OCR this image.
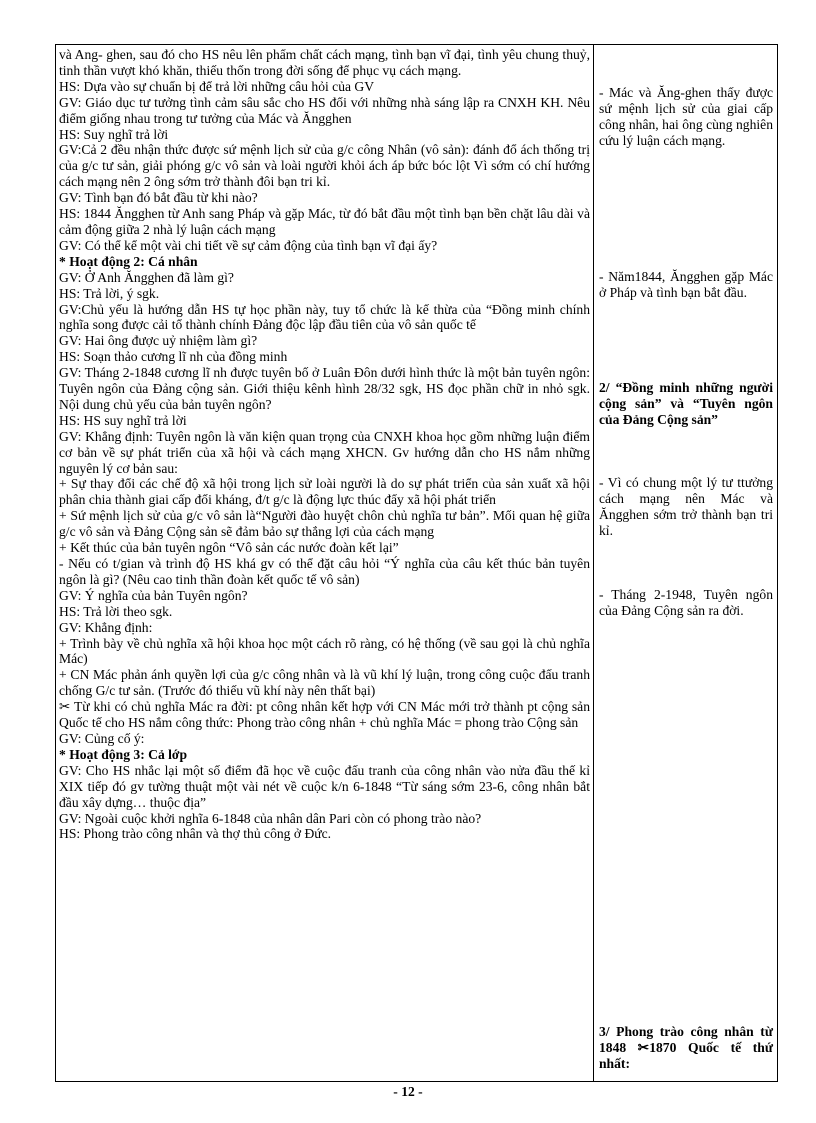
và Ang- ghen, sau đó cho HS nêu lên phẩm chất cách mạng, tình bạn vĩ đại, tình yêu chung thuỷ, tinh thần vượt khó khăn, thiếu thốn trong đời sống để phục vụ cách mạng.

HS: Dựa vào sự chuẩn bị để trả lời những câu hỏi của GV

GV: Giáo dục tư tưởng tình cảm sâu sắc cho HS đối với những nhà sáng lập ra CNXH KH. Nêu điểm giống nhau trong tư tưởng của Mác và Ăngghen

HS: Suy nghĩ trả lời

GV:Cả 2 đều nhận thức được sứ mệnh lịch sử của g/c công Nhân (vô sản): đánh đổ ách thống trị của g/c tư sản, giải phóng g/c vô sản và loài người khỏi ách áp bức bóc lột Vì sớm có chí hướng cách mạng nên 2 ông sớm trở thành đôi bạn tri kỉ.

GV: Tình bạn đó bắt đầu từ khi nào?

HS: 1844 Ăngghen từ Anh sang Pháp và gặp Mác, từ đó bắt đầu một tình bạn bền chặt lâu dài và cảm động giữa 2 nhà lý luận cách mạng

GV: Có thể kể một vài chi tiết về sự cảm động của tình bạn vĩ đại ấy?

* Hoạt động 2: Cá nhân

GV: Ở Anh Ăngghen đã làm gì?

HS: Trả lời, ý sgk.

GV:Chủ yếu là hướng dẫn HS tự học phần này, tuy tổ chức là kế thừa của “Đồng minh chính nghĩa song được cải tổ thành chính Đảng độc lập đầu tiên của vô sản quốc tế

GV: Hai ông được uỷ nhiệm làm gì?

HS: Soạn thảo cương lĩ nh của đồng minh

GV: Tháng 2-1848 cương lĩ nh được tuyên bố ở Luân Đôn dưới hình thức là một bản tuyên ngôn: Tuyên ngôn của Đảng cộng sản. Giới thiệu kênh hình 28/32 sgk, HS đọc phần chữ in nhỏ sgk. Nội dung chủ yếu của bản tuyên ngôn?

HS: HS suy nghĩ trả lời

GV: Khẳng định: Tuyên ngôn là văn kiện quan trọng của CNXH khoa học gồm những luận điểm cơ bản về sự phát triển của xã hội và cách mạng XHCN. Gv hướng dẫn cho HS nắm những nguyên lý cơ bản sau:

+ Sự thay đổi các chế độ xã hội trong lịch sử loài người là do sự phát triển của sản xuất xã hội phân chia thành giai cấp đối kháng, đ/t g/c là động lực thúc đẩy xã hội phát triển

+ Sứ mệnh lịch sử của g/c vô sản là“Người đào huyệt chôn chủ nghĩa tư bản”. Mối quan hệ giữa g/c vô sản và Đảng Cộng sản sẽ đảm bảo sự thắng lợi của cách mạng

+ Kết thúc của bản tuyên ngôn “Vô sản các nước đoàn kết lại”

- Nếu có t/gian và trình độ HS khá gv có thể đặt câu hỏi “Ý nghĩa của câu kết thúc bản tuyên ngôn là gì? (Nêu cao tinh thần đoàn kết quốc tế vô sản)

GV: Ý nghĩa của bản Tuyên ngôn?

HS: Trả lời theo sgk.

GV: Khẳng định:

+ Trình bày về chủ nghĩa xã hội khoa học một cách rõ ràng, có hệ thống (về sau gọi là chủ nghĩa Mác)

+ CN Mác phản ánh quyền lợi của g/c công nhân và là vũ khí lý luận, trong công cuộc đấu tranh chống G/c tư sản. (Trước đó thiếu vũ khí này nên thất bại)

✂ Từ khi có chủ nghĩa Mác ra đời: pt công nhân kết hợp với CN Mác mới trở thành pt cộng sản Quốc tế cho HS nắm công thức: Phong trào công nhân + chủ nghĩa Mác = phong trào Cộng sản

GV: Củng cố ý:

* Hoạt động 3: Cả lớp

GV: Cho HS nhắc lại một số điểm đã học về cuộc đấu tranh của công nhân vào nửa đầu thế kỉ XIX tiếp đó gv tường thuật một vài nét về cuộc k/n 6-1848 “Từ sáng sớm 23-6, công nhân bắt đầu xây dựng… thuộc địa”

GV: Ngoài cuộc khởi nghĩa 6-1848 của nhân dân Pari còn có phong trào nào?

HS: Phong trào công nhân và thợ thủ công ở Đức.

- Mác và Ăng-ghen thấy được sứ mệnh lịch sử của giai cấp công nhân, hai ông cùng nghiên cứu lý luận cách mạng.

- Năm1844, Ăngghen gặp Mác ở Pháp và tình bạn bắt đầu.

2/ “Đồng minh những người cộng sản” và “Tuyên ngôn của Đảng Cộng sản”

- Vì có chung một lý tư ttưởng cách mạng nên Mác và Ăngghen sớm trở thành bạn tri kỉ.

- Tháng 2-1948, Tuyên ngôn của Đảng Cộng sản ra đời.

3/ Phong trào công nhân từ 1848 ✂1870 Quốc tế thứ nhất:

- 12 -
